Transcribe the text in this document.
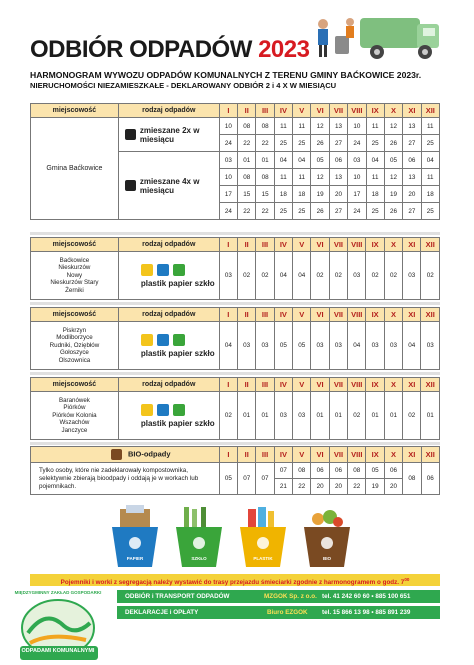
ODBIÓR ODPADÓW 2023
HARMONOGRAM WYWOZU ODPADÓW KOMUNALNYCH Z TERENU GMINY BAĆKOWICE 2023r.
NIERUCHOMOŚCI NIEZAMIESZKAŁE - DEKLAROWANY ODBIÓR 2 i 4 X W MIESIĄCU
miejscowość	rodzaj odpadów	I	II	III	IV	V	VI	VII	VIII	IX	X	XI	XII
Gmina Baćkowice	zmieszane 2x w miesiącu	10	08	08	11	11	12	13	10	11	12	13	11
		24	22	22	25	25	26	27	24	25	26	27	25
	zmieszane 4x w miesiącu	03	01	01	04	04	05	06	03	04	05	06	04
		10	08	08	11	11	12	13	10	11	12	13	11
		17	15	15	18	18	19	20	17	18	19	20	18
		24	22	22	25	25	26	27	24	25	26	27	25
miejscowość	rodzaj odpadów	I	II	III	IV	V	VI	VII	VIII	IX	X	XI	XII

Baćkowice
Nieskurzów
Nowy
Nieskurzów Stary
Żerniki	plastik papier szkło	03	02	02	04	04	02	02	03	02	02	03	02
miejscowość	rodzaj odpadów	I	II	III	IV	V	VI	VII	VIII	IX	X	XI	XII

Piskrzyn
Modliborzyce
Rudniki, Oziębłów
Gołoszyce
Olszownica	plastik papier szkło	04	03	03	05	05	03	03	04	03	03	04	03
miejscowość	rodzaj odpadów	I	II	III	IV	V	VI	VII	VIII	IX	X	XI	XII

Baranówek
Piórków
Piórków Kolonia
Wszachów
Janczyce	plastik papier szkło	02	01	01	03	03	01	01	02	01	01	02	01
BIO-odpady	I	II	III	IV	V	VI	VII	VIII	IX	X	XI	XII
Tylko osoby, które nie zadeklarowały kompostownika, selektywnie zbierają bioodpady i oddają je w workach lub pojemnikach.	05	07	07	07	08	06	06	08	05	06	08	06
				21	22	20	20	22	19	20		
PAPIER	SZKŁO	PLASTIK	BIO
Pojemniki i worki z segregacją należy wystawić do trasy przejazdu śmieciarki zgodnie z harmonogramem o godz. $7^{00}$
MIĘDZYGMINNY ZAKŁAD GOSPODARKI
ODPADAMI KOMUNALNYMI
ODBIÓR i TRANSPORT ODPADÓW	MZGOK Sp. z o.o. tel. 41 242 60 60 • 885 100 651
DEKLARACJE i OPŁATY	Biuro EZGOK tel. 15 866 13 98 • 885 891 239
